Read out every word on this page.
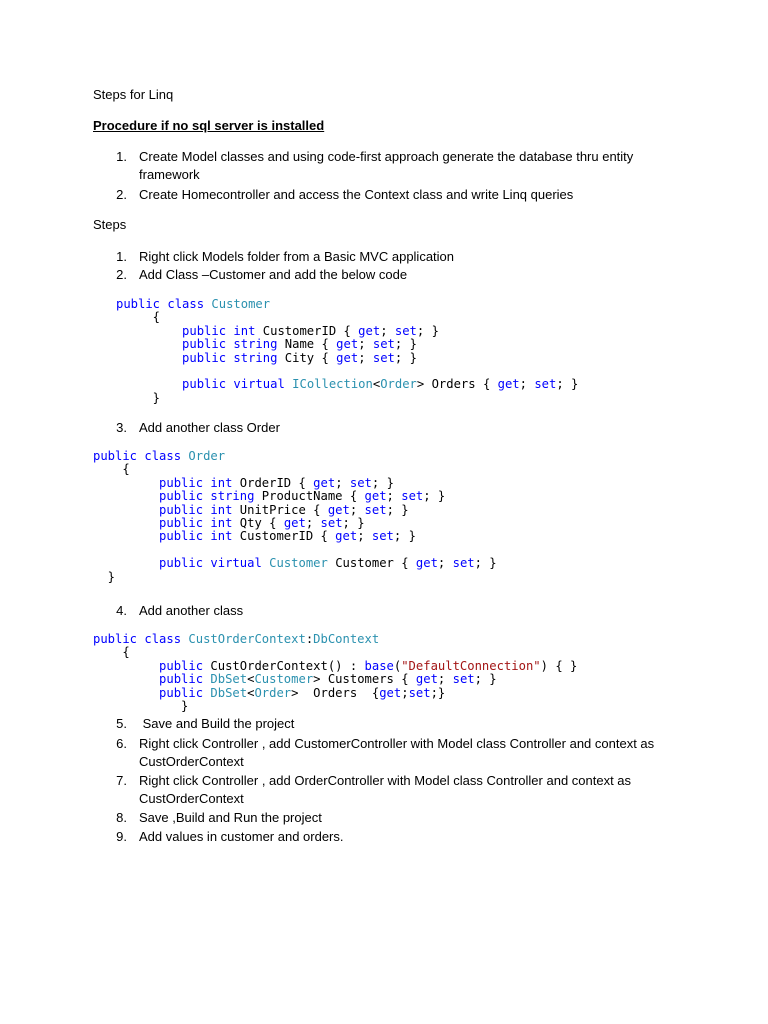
Steps for Linq
Procedure if no sql server is installed
1. Create Model classes and using code-first approach generate the database thru entity
framework
2. Create Homecontroller and access the Context class and write Linq queries
Steps
1. Right click Models folder from a Basic MVC application
2. Add Class –Customer and add the below code
public class Customer
{
public int CustomerID { get; set; }
public string Name { get; set; }
public string City { get; set; }

public virtual ICollection<Order> Orders { get; set; }
}
3. Add another class Order
public class Order
{
public int OrderID { get; set; }
public string ProductName { get; set; }
public int UnitPrice { get; set; }
public int Qty { get; set; }
public int CustomerID { get; set; }

public virtual Customer Customer { get; set; }
}
4. Add another class
public class CustOrderContext:DbContext
{
public CustOrderContext() : base("DefaultConnection") { }
public DbSet<Customer> Customers { get; set; }
public DbSet<Order>  Orders  {get;set;}
}
5. Save and Build the project
6. Right click Controller , add CustomerController with Model class Controller and context as
CustOrderContext
7. Right click Controller , add OrderController with Model class Controller and context as
CustOrderContext
8. Save ,Build and Run the project
9. Add values in customer and orders.
